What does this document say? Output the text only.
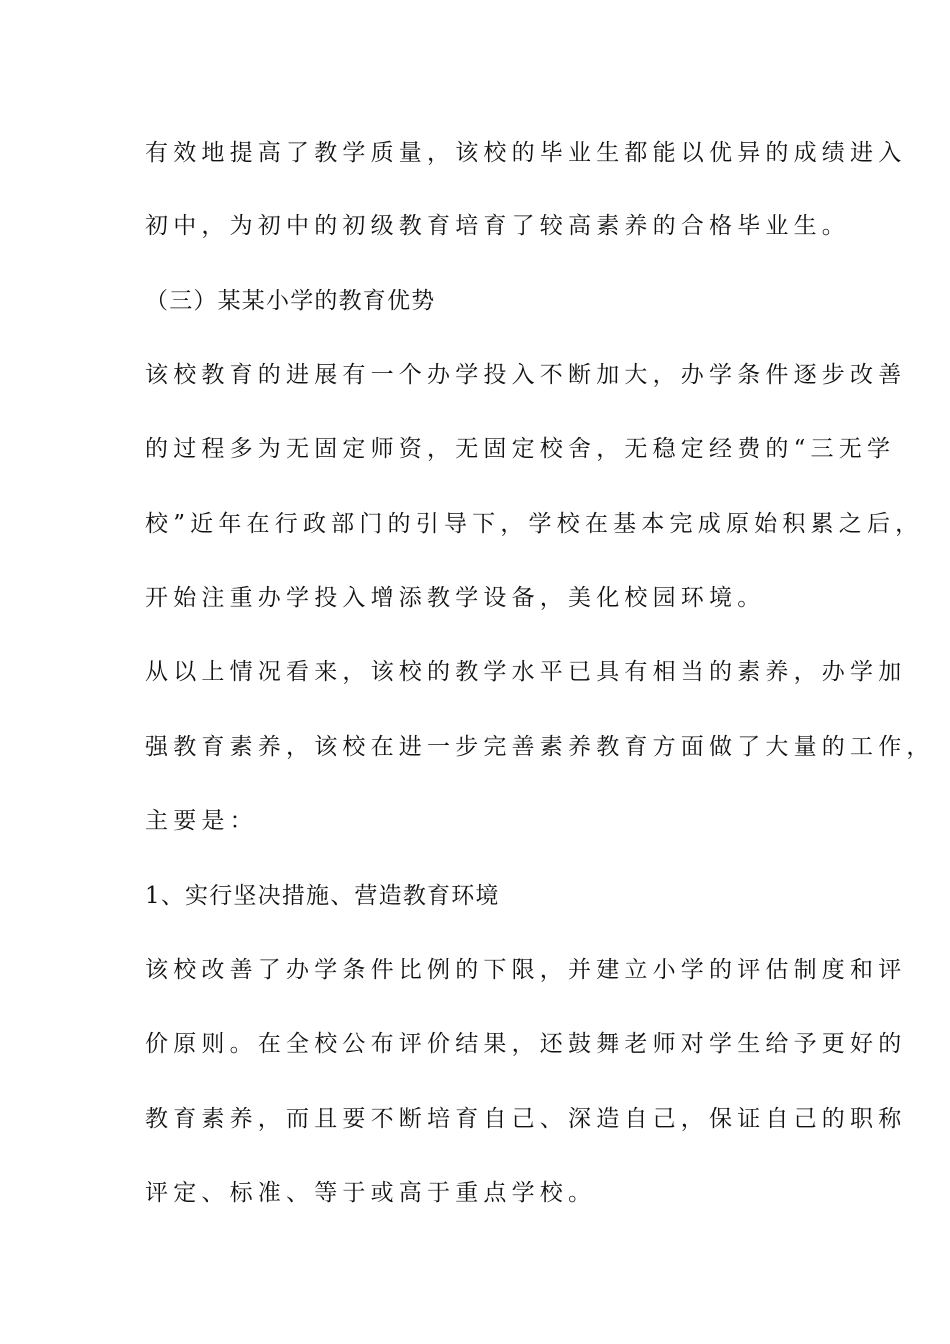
有效地提高了教学质量，该校的毕业生都能以优异的成绩进入
初中，为初中的初级教育培育了较高素养的合格毕业生。
（三）某某小学的教育优势
该校教育的进展有一个办学投入不断加大，办学条件逐步改善
的过程多为无固定师资，无固定校舍，无稳定经费的“三无学
校”近年在行政部门的引导下，学校在基本完成原始积累之后，
开始注重办学投入增添教学设备，美化校园环境。
从以上情况看来，该校的教学水平已具有相当的素养，办学加
强教育素养，该校在进一步完善素养教育方面做了大量的工作，
主要是：
1、实行坚决措施、营造教育环境
该校改善了办学条件比例的下限，并建立小学的评估制度和评
价原则。在全校公布评价结果，还鼓舞老师对学生给予更好的
教育素养，而且要不断培育自己、深造自己，保证自己的职称
评定、标准、等于或高于重点学校。
